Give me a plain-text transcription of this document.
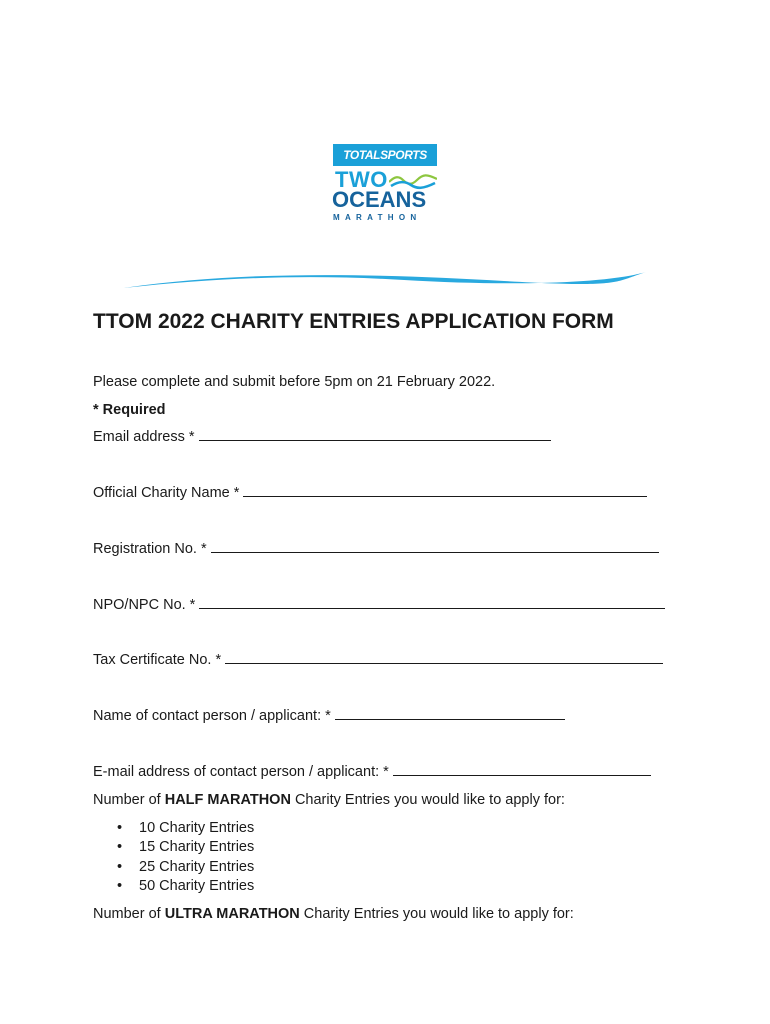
TOTALSPORTS
TWO
OCEANS
MARATHON
TTOM 2022 CHARITY ENTRIES APPLICATION FORM

Please complete and submit before 5pm on 21 February 2022.

* Required

Email address *

Official Charity Name *

Registration No. *

NPO/NPC No. *

Tax Certificate No. *

Name of contact person / applicant: *

E-mail address of contact person / applicant: *

Number of HALF MARATHON Charity Entries you would like to apply for:

• 10 Charity Entries
• 15 Charity Entries
• 25 Charity Entries
• 50 Charity Entries

Number of ULTRA MARATHON Charity Entries you would like to apply for:
